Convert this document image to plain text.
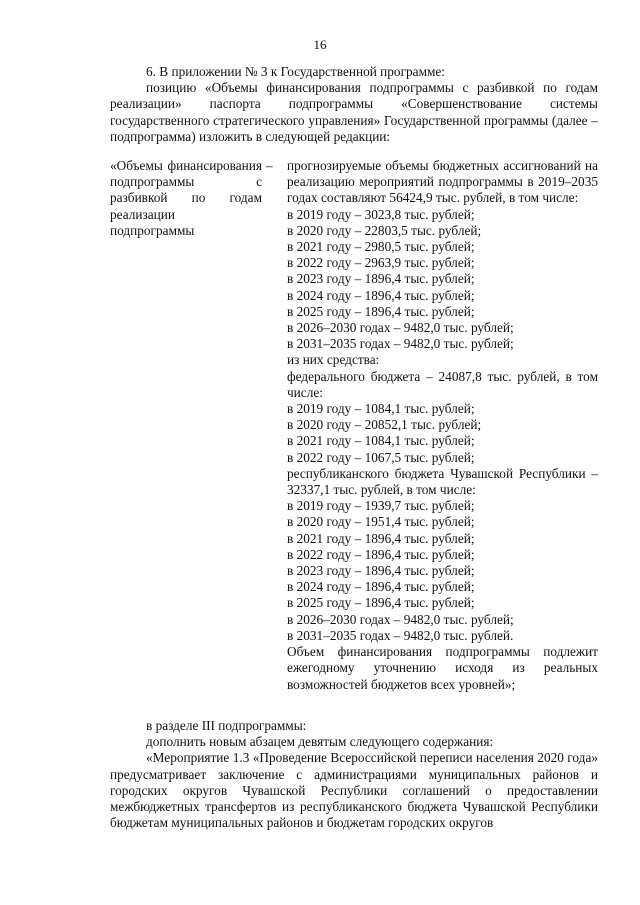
16

6. В приложении № 3 к Государственной программе:

позицию «Объемы финансирования подпрограммы с разбивкой по годам реализации» паспорта подпрограммы «Совершенствование системы государственного стратегического управления» Государственной программы (далее – подпрограмма) изложить в следующей редакции:

«Объемы финансирования подпрограммы с разбивкой по годам реализации подпрограммы
–	прогнозируемые объемы бюджетных ассигнований на реализацию мероприятий подпрограммы в 2019–2035 годах составляют 56424,9 тыс. рублей, в том числе:
в 2019 году – 3023,8 тыс. рублей;
в 2020 году – 22803,5 тыс. рублей;
в 2021 году – 2980,5 тыс. рублей;
в 2022 году – 2963,9 тыс. рублей;
в 2023 году – 1896,4 тыс. рублей;
в 2024 году – 1896,4 тыс. рублей;
в 2025 году – 1896,4 тыс. рублей;
в 2026–2030 годах – 9482,0 тыс. рублей;
в 2031–2035 годах – 9482,0 тыс. рублей;
из них средства:
федерального бюджета – 24087,8 тыс. рублей, в том числе:
в 2019 году – 1084,1 тыс. рублей;
в 2020 году – 20852,1 тыс. рублей;
в 2021 году – 1084,1 тыс. рублей;
в 2022 году – 1067,5 тыс. рублей;
республиканского бюджета Чувашской Республики – 32337,1 тыс. рублей, в том числе:
в 2019 году – 1939,7 тыс. рублей;
в 2020 году – 1951,4 тыс. рублей;
в 2021 году – 1896,4 тыс. рублей;
в 2022 году – 1896,4 тыс. рублей;
в 2023 году – 1896,4 тыс. рублей;
в 2024 году – 1896,4 тыс. рублей;
в 2025 году – 1896,4 тыс. рублей;
в 2026–2030 годах – 9482,0 тыс. рублей;
в 2031–2035 годах – 9482,0 тыс. рублей.
Объем финансирования подпрограммы подлежит ежегодному уточнению исходя из реальных возможностей бюджетов всех уровней»;

в разделе III подпрограммы:

дополнить новым абзацем девятым следующего содержания:

«Мероприятие 1.3 «Проведение Всероссийской переписи населения 2020 года» предусматривает заключение с администрациями муниципальных районов и городских округов Чувашской Республики соглашений о предоставлении межбюджетных трансфертов из республиканского бюджета Чувашской Республики бюджетам муниципальных районов и бюджетам городских округов
